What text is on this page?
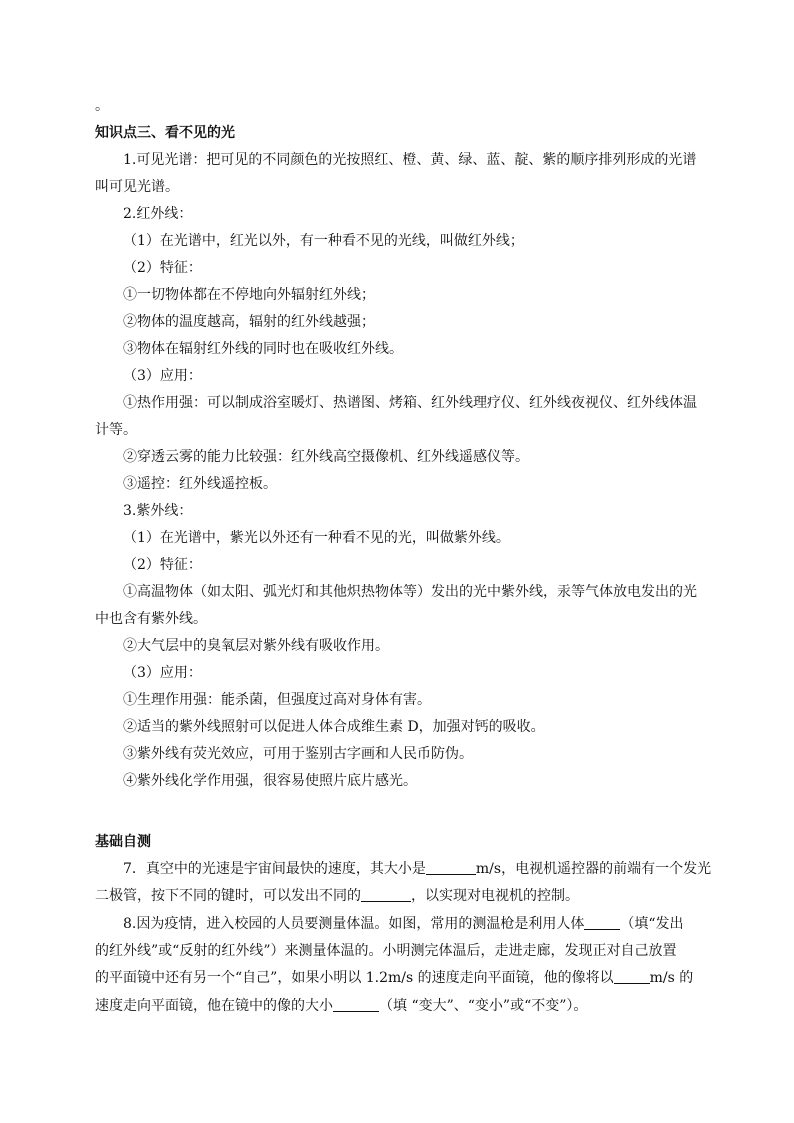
。
知识点三、看不见的光
1.可见光谱：把可见的不同颜色的光按照红、橙、黄、绿、蓝、靛、紫的顺序排列形成的光谱
叫可见光谱。
2.红外线：
（1）在光谱中，红光以外，有一种看不见的光线，叫做红外线；
（2）特征：
①一切物体都在不停地向外辐射红外线；
②物体的温度越高，辐射的红外线越强；
③物体在辐射红外线的同时也在吸收红外线。
（3）应用：
①热作用强：可以制成浴室暖灯、热谱图、烤箱、红外线理疗仪、红外线夜视仪、红外线体温
计等。
②穿透云雾的能力比较强：红外线高空摄像机、红外线遥感仪等。
③遥控：红外线遥控板。
3.紫外线：
（1）在光谱中，紫光以外还有一种看不见的光，叫做紫外线。
（2）特征：
①高温物体（如太阳、弧光灯和其他炽热物体等）发出的光中紫外线，汞等气体放电发出的光
中也含有紫外线。
②大气层中的臭氧层对紫外线有吸收作用。
（3）应用：
①生理作用强：能杀菌，但强度过高对身体有害。
②适当的紫外线照射可以促进人体合成维生素 D，加强对钙的吸收。
③紫外线有荧光效应，可用于鉴别古字画和人民币防伪。
④紫外线化学作用强，很容易使照片底片感光。
基础自测
7．真空中的光速是宇宙间最快的速度，其大小是	m/s，电视机遥控器的前端有一个发光
二极管，按下不同的键时，可以发出不同的	，以实现对电视机的控制。
8.因为疫情，进入校园的人员要测量体温。如图，常用的测温枪是利用人体	（填“发出
的红外线”或“反射的红外线”）来测量体温的。小明测完体温后，走进走廊，发现正对自己放置
的平面镜中还有另一个“自己”，如果小明以 1.2m/s 的速度走向平面镜，他的像将以	m/s 的
速度走向平面镜，他在镜中的像的大小	（填 “变大”、“变小”或“不变”）。
